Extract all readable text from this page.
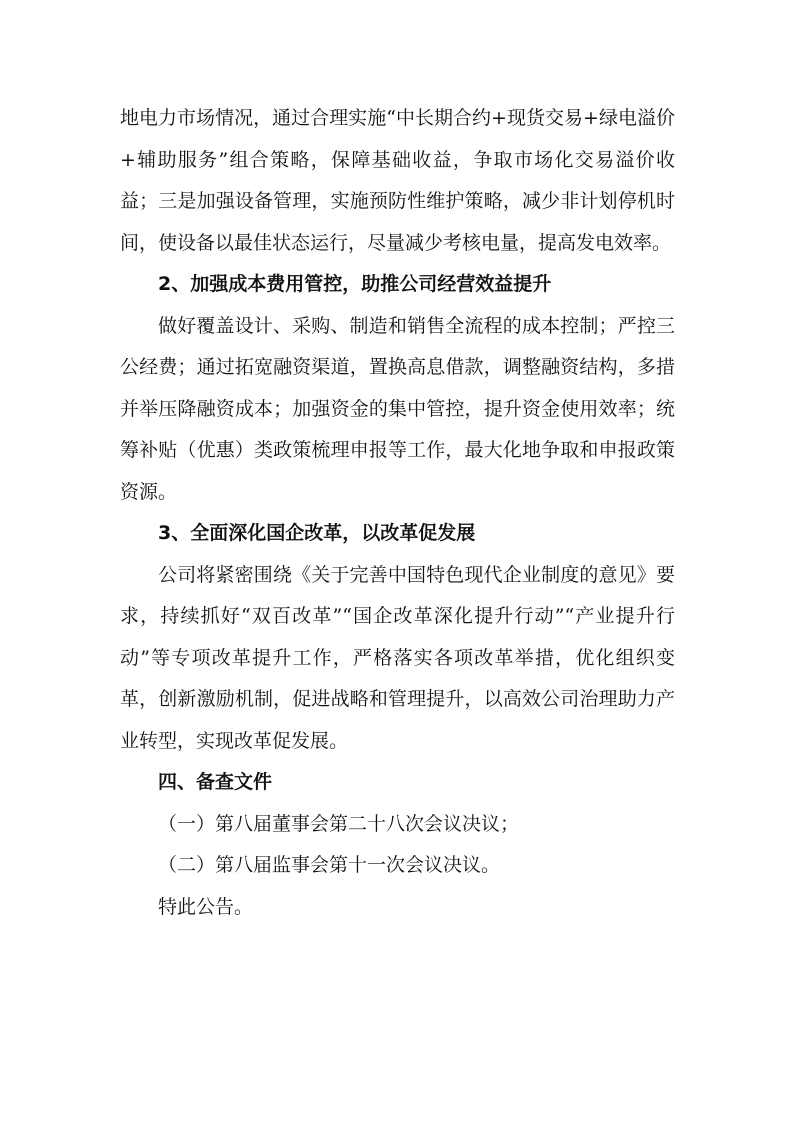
地电力市场情况，通过合理实施“中长期合约+现货交易+绿电溢价+辅助服务”组合策略，保障基础收益，争取市场化交易溢价收益；三是加强设备管理，实施预防性维护策略，减少非计划停机时间，使设备以最佳状态运行，尽量减少考核电量，提高发电效率。

2、加强成本费用管控，助推公司经营效益提升

做好覆盖设计、采购、制造和销售全流程的成本控制；严控三公经费；通过拓宽融资渠道，置换高息借款，调整融资结构，多措并举压降融资成本；加强资金的集中管控，提升资金使用效率；统筹补贴（优惠）类政策梳理申报等工作，最大化地争取和申报政策资源。

3、全面深化国企改革，以改革促发展

公司将紧密围绕《关于完善中国特色现代企业制度的意见》要求，持续抓好“双百改革”“国企改革深化提升行动”“产业提升行动”等专项改革提升工作，严格落实各项改革举措，优化组织变革，创新激励机制，促进战略和管理提升，以高效公司治理助力产业转型，实现改革促发展。

四、备查文件

（一）第八届董事会第二十八次会议决议；

（二）第八届监事会第十一次会议决议。

特此公告。
